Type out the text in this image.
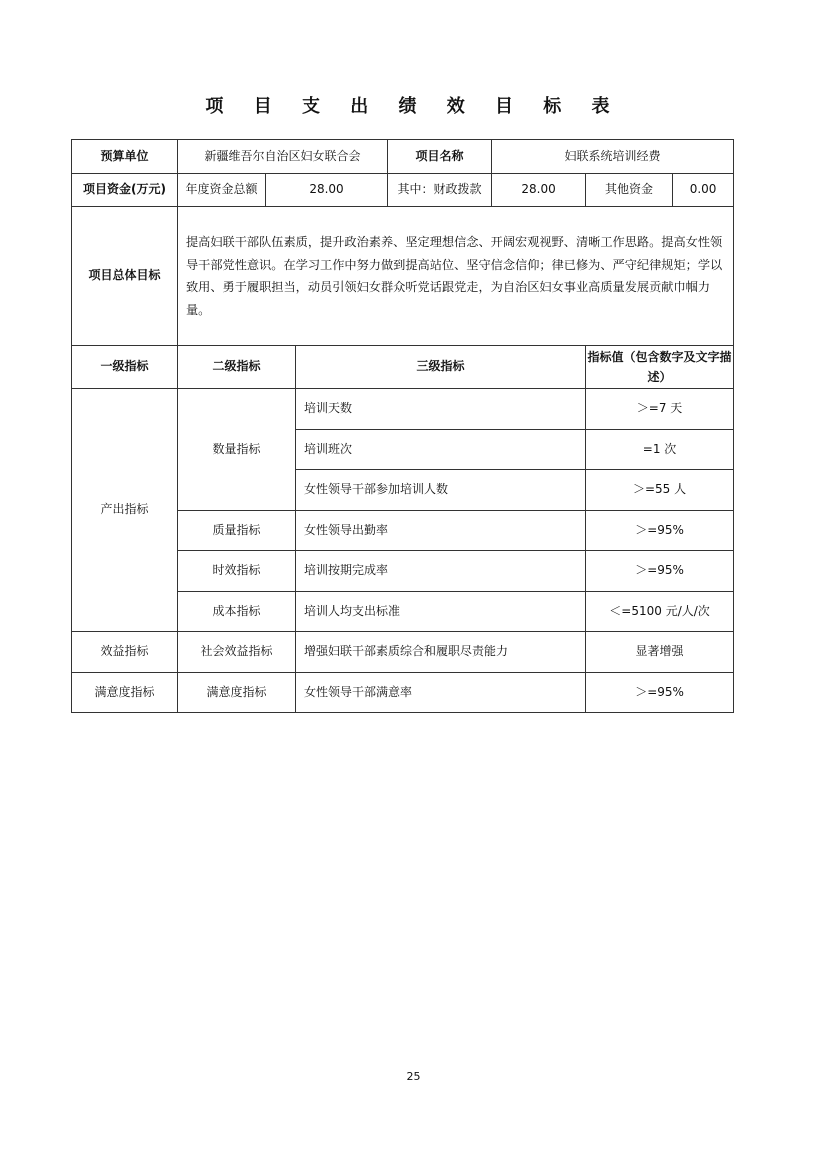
项 目 支 出 绩 效 目 标 表
预算单位	新疆维吾尔自治区妇女联合会			项目名称	妇联系统培训经费		
项目资金(万元)	年度资金总额	28.00		其中：财政拨款	28.00	其他资金	0.00
项目总体目标	提高妇联干部队伍素质，提升政治素养、坚定理想信念、开阔宏观视野、清晰工作思路。提高女性领导干部党性意识。在学习工作中努力做到提高站位、坚守信念信仰；律已修为、严守纪律规矩；学以致用、勇于履职担当，动员引领妇女群众听党话跟党走，为自治区妇女事业高质量发展贡献巾帼力量。						
一级指标	二级指标		三级指标			指标值（包含数字及文字描述）	
产出指标	数量指标		培训天数			＞=7 天	
			培训班次			=1 次	
			女性领导干部参加培训人数			＞=55 人	
	质量指标		女性领导出勤率			＞=95%	
	时效指标		培训按期完成率			＞=95%	
	成本指标		培训人均支出标准			＜=5100 元/人/次	
效益指标	社会效益指标		增强妇联干部素质综合和履职尽责能力			显著增强	
满意度指标	满意度指标		女性领导干部满意率			＞=95%	
25
